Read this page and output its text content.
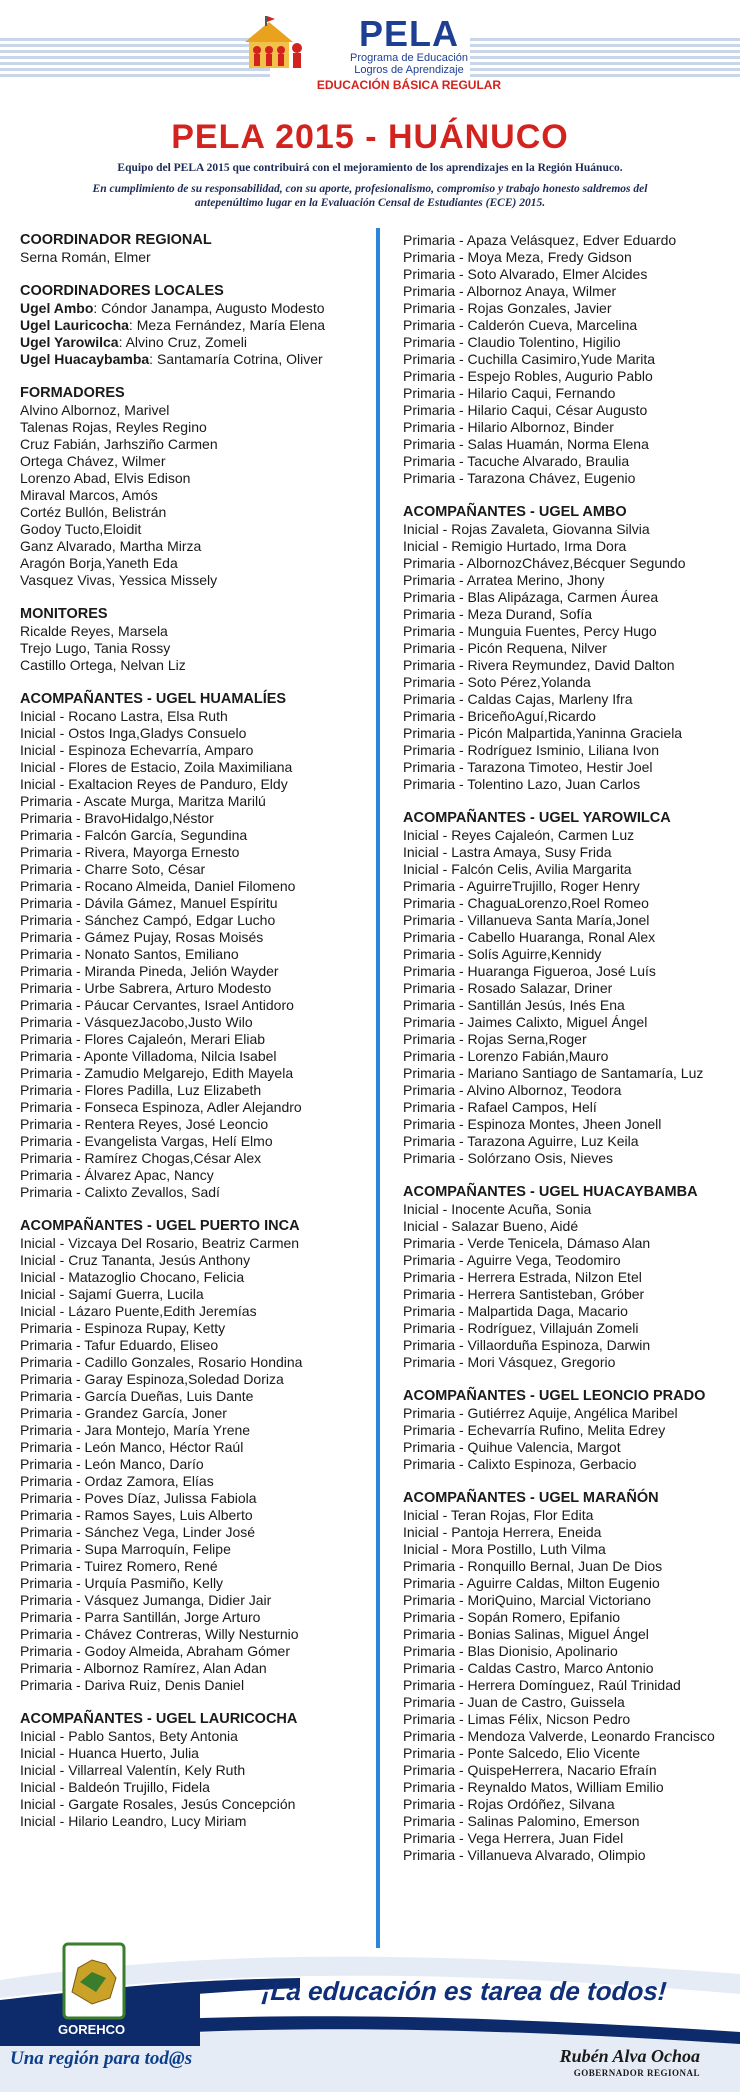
PELA
Programa de Educación
Logros de Aprendizaje
EDUCACIÓN BÁSICA REGULAR
PELA 2015 - HUÁNUCO
Equipo del PELA 2015 que contribuirá con el mejoramiento de los aprendizajes en la Región Huánuco.
En cumplimiento de su responsabilidad, con su aporte, profesionalismo, compromiso y trabajo honesto saldremos del antepenúltimo lugar en la Evaluación Censal de Estudiantes (ECE) 2015.
COORDINADOR REGIONAL
Serna Román, Elmer
COORDINADORES LOCALES
Ugel Ambo: Cóndor Janampa, Augusto Modesto
Ugel Lauricocha: Meza Fernández, María Elena
Ugel Yarowilca: Alvino Cruz, Zomeli
Ugel Huacaybamba: Santamaría Cotrina, Oliver
FORMADORES
Alvino Albornoz, Marivel
Talenas Rojas, Reyles Regino
Cruz Fabián, Jarhsziño Carmen
Ortega Chávez, Wilmer
Lorenzo Abad, Elvis Edison
Miraval Marcos, Amós
Cortéz Bullón, Belistrán
Godoy Tucto,Eloidit
Ganz Alvarado, Martha Mirza
Aragón Borja,Yaneth Eda
Vasquez Vivas, Yessica Missely
MONITORES
Ricalde Reyes, Marsela
Trejo Lugo, Tania Rossy
Castillo Ortega, Nelvan Liz
ACOMPAÑANTES - UGEL HUAMALÍES
Inicial - Rocano Lastra, Elsa Ruth
Inicial - Ostos Inga,Gladys Consuelo
Inicial - Espinoza Echevarría, Amparo
Inicial - Flores de Estacio, Zoila Maximiliana
Inicial - Exaltacion Reyes de Panduro, Eldy
Primaria - Ascate Murga, Maritza Marilú
Primaria - BravoHidalgo,Néstor
Primaria - Falcón García, Segundina
Primaria - Rivera, Mayorga Ernesto
Primaria - Charre Soto, César
Primaria - Rocano Almeida, Daniel Filomeno
Primaria - Dávila Gámez, Manuel Espíritu
Primaria - Sánchez Campó, Edgar Lucho
Primaria - Gámez Pujay, Rosas Moisés
Primaria - Nonato Santos, Emiliano
Primaria - Miranda Pineda, Jelión Wayder
Primaria - Urbe Sabrera, Arturo Modesto
Primaria - Páucar Cervantes, Israel Antidoro
Primaria - VásquezJacobo,Justo Wilo
Primaria - Flores Cajaleón, Merari Eliab
Primaria - Aponte Villadoma, Nilcia Isabel
Primaria - Zamudio Melgarejo, Edith Mayela
Primaria - Flores Padilla, Luz Elizabeth
Primaria - Fonseca Espinoza, Adler Alejandro
Primaria - Rentera Reyes, José Leoncio
Primaria - Evangelista Vargas, Helí Elmo
Primaria - Ramírez Chogas,César Alex
Primaria - Álvarez Apac, Nancy
Primaria - Calixto Zevallos, Sadí
ACOMPAÑANTES - UGEL PUERTO INCA
Inicial - Vizcaya Del Rosario, Beatriz Carmen
Inicial - Cruz Tananta, Jesús Anthony
Inicial - Matazoglio Chocano, Felicia
Inicial - Sajamí Guerra, Lucila
Inicial - Lázaro Puente,Edith Jeremías
Primaria - Espinoza Rupay, Ketty
Primaria - Tafur Eduardo, Eliseo
Primaria - Cadillo Gonzales, Rosario Hondina
Primaria - Garay Espinoza,Soledad Doriza
Primaria - García Dueñas, Luis Dante
Primaria - Grandez García, Joner
Primaria - Jara Montejo, María Yrene
Primaria - León Manco, Héctor Raúl
Primaria - León Manco, Darío
Primaria - Ordaz Zamora, Elías
Primaria - Poves Díaz, Julissa Fabiola
Primaria - Ramos Sayes, Luis Alberto
Primaria - Sánchez Vega, Linder José
Primaria - Supa Marroquín, Felipe
Primaria - Tuirez Romero, René
Primaria - Urquía Pasmiño, Kelly
Primaria - Vásquez Jumanga, Didier Jair
Primaria - Parra Santillán, Jorge Arturo
Primaria - Chávez Contreras, Willy Nesturnio
Primaria - Godoy Almeida, Abraham Gómer
Primaria - Albornoz Ramírez, Alan Adan
Primaria - Dariva Ruiz, Denis Daniel
ACOMPAÑANTES - UGEL LAURICOCHA
Inicial - Pablo Santos, Bety Antonia
Inicial - Huanca Huerto, Julia
Inicial - Villarreal Valentín, Kely Ruth
Inicial - Baldeón Trujillo, Fidela
Inicial - Gargate Rosales, Jesús Concepción
Inicial - Hilario Leandro, Lucy Miriam
Primaria - Apaza Velásquez, Edver Eduardo
Primaria - Moya Meza, Fredy Gidson
Primaria - Soto Alvarado, Elmer Alcides
Primaria - Albornoz Anaya, Wilmer
Primaria - Rojas Gonzales, Javier
Primaria - Calderón Cueva, Marcelina
Primaria - Claudio Tolentino, Higilio
Primaria - Cuchilla Casimiro,Yude Marita
Primaria - Espejo Robles, Augurio Pablo
Primaria - Hilario Caqui, Fernando
Primaria - Hilario Caqui, César Augusto
Primaria - Hilario Albornoz, Binder
Primaria - Salas Huamán, Norma Elena
Primaria - Tacuche Alvarado, Braulia
Primaria - Tarazona Chávez, Eugenio
ACOMPAÑANTES - UGEL AMBO
Inicial - Rojas Zavaleta, Giovanna Silvia
Inicial - Remigio Hurtado, Irma Dora
Primaria - AlbornozChávez,Bécquer Segundo
Primaria - Arratea Merino, Jhony
Primaria - Blas Alipázaga, Carmen Áurea
Primaria - Meza Durand, Sofía
Primaria - Munguia Fuentes, Percy Hugo
Primaria - Picón Requena, Nilver
Primaria - Rivera Reymundez, David Dalton
Primaria - Soto Pérez,Yolanda
Primaria - Caldas Cajas, Marleny Ifra
Primaria - BriceñoAguí,Ricardo
Primaria - Picón Malpartida,Yaninna Graciela
Primaria - Rodríguez Isminio, Liliana Ivon
Primaria - Tarazona Timoteo, Hestir Joel
Primaria - Tolentino Lazo, Juan Carlos
ACOMPAÑANTES - UGEL YAROWILCA
Inicial - Reyes Cajaleón, Carmen Luz
Inicial - Lastra Amaya, Susy Frida
Inicial - Falcón Celis, Avilia Margarita
Primaria - AguirreTrujillo, Roger Henry
Primaria - ChaguaLorenzo,Roel Romeo
Primaria - Villanueva Santa María,Jonel
Primaria - Cabello Huaranga, Ronal Alex
Primaria - Solís Aguirre,Kennidy
Primaria - Huaranga Figueroa, José Luís
Primaria - Rosado Salazar, Driner
Primaria - Santillán Jesús, Inés Ena
Primaria - Jaimes Calixto, Miguel Ángel
Primaria - Rojas Serna,Roger
Primaria - Lorenzo Fabián,Mauro
Primaria - Mariano Santiago de Santamaría, Luz
Primaria - Alvino Albornoz, Teodora
Primaria - Rafael Campos, Helí
Primaria - Espinoza Montes, Jheen Jonell
Primaria - Tarazona Aguirre, Luz Keila
Primaria - Solórzano Osis, Nieves
ACOMPAÑANTES - UGEL HUACAYBAMBA
Inicial - Inocente Acuña, Sonia
Inicial - Salazar Bueno, Aidé
Primaria - Verde Tenicela, Dámaso Alan
Primaria - Aguirre Vega, Teodomiro
Primaria - Herrera Estrada, Nilzon Etel
Primaria - Herrera Santisteban, Gróber
Primaria - Malpartida Daga, Macario
Primaria - Rodríguez, Villajuán Zomeli
Primaria - Villaorduña Espinoza, Darwin
Primaria - Mori Vásquez, Gregorio
ACOMPAÑANTES - UGEL LEONCIO PRADO
Primaria - Gutiérrez Aquije, Angélica Maribel
Primaria - Echevarría Rufino, Melita Edrey
Primaria - Quihue Valencia, Margot
Primaria - Calixto Espinoza, Gerbacio
ACOMPAÑANTES - UGEL MARAÑÓN
Inicial - Teran Rojas, Flor Edita
Inicial - Pantoja Herrera, Eneida
Inicial - Mora Postillo, Luth Vilma
Primaria - Ronquillo Bernal, Juan De Dios
Primaria - Aguirre Caldas, Milton Eugenio
Primaria - MoriQuino, Marcial Victoriano
Primaria - Sopán Romero, Epifanio
Primaria - Bonias Salinas, Miguel Ángel
Primaria - Blas Dionisio, Apolinario
Primaria - Caldas Castro, Marco Antonio
Primaria - Herrera Domínguez, Raúl Trinidad
Primaria - Juan de Castro, Guissela
Primaria - Limas Félix, Nicson Pedro
Primaria - Mendoza Valverde, Leonardo Francisco
Primaria - Ponte Salcedo, Elio Vicente
Primaria - QuispeHerrera, Nacario Efraín
Primaria - Reynaldo Matos, William Emilio
Primaria - Rojas Ordóñez, Silvana
Primaria - Salinas Palomino, Emerson
Primaria - Vega Herrera, Juan Fidel
Primaria - Villanueva Alvarado, Olimpio
GOREHCO
Una región para tod@s
¡La educación es tarea de todos!
Rubén Alva Ochoa
GOBERNADOR REGIONAL
